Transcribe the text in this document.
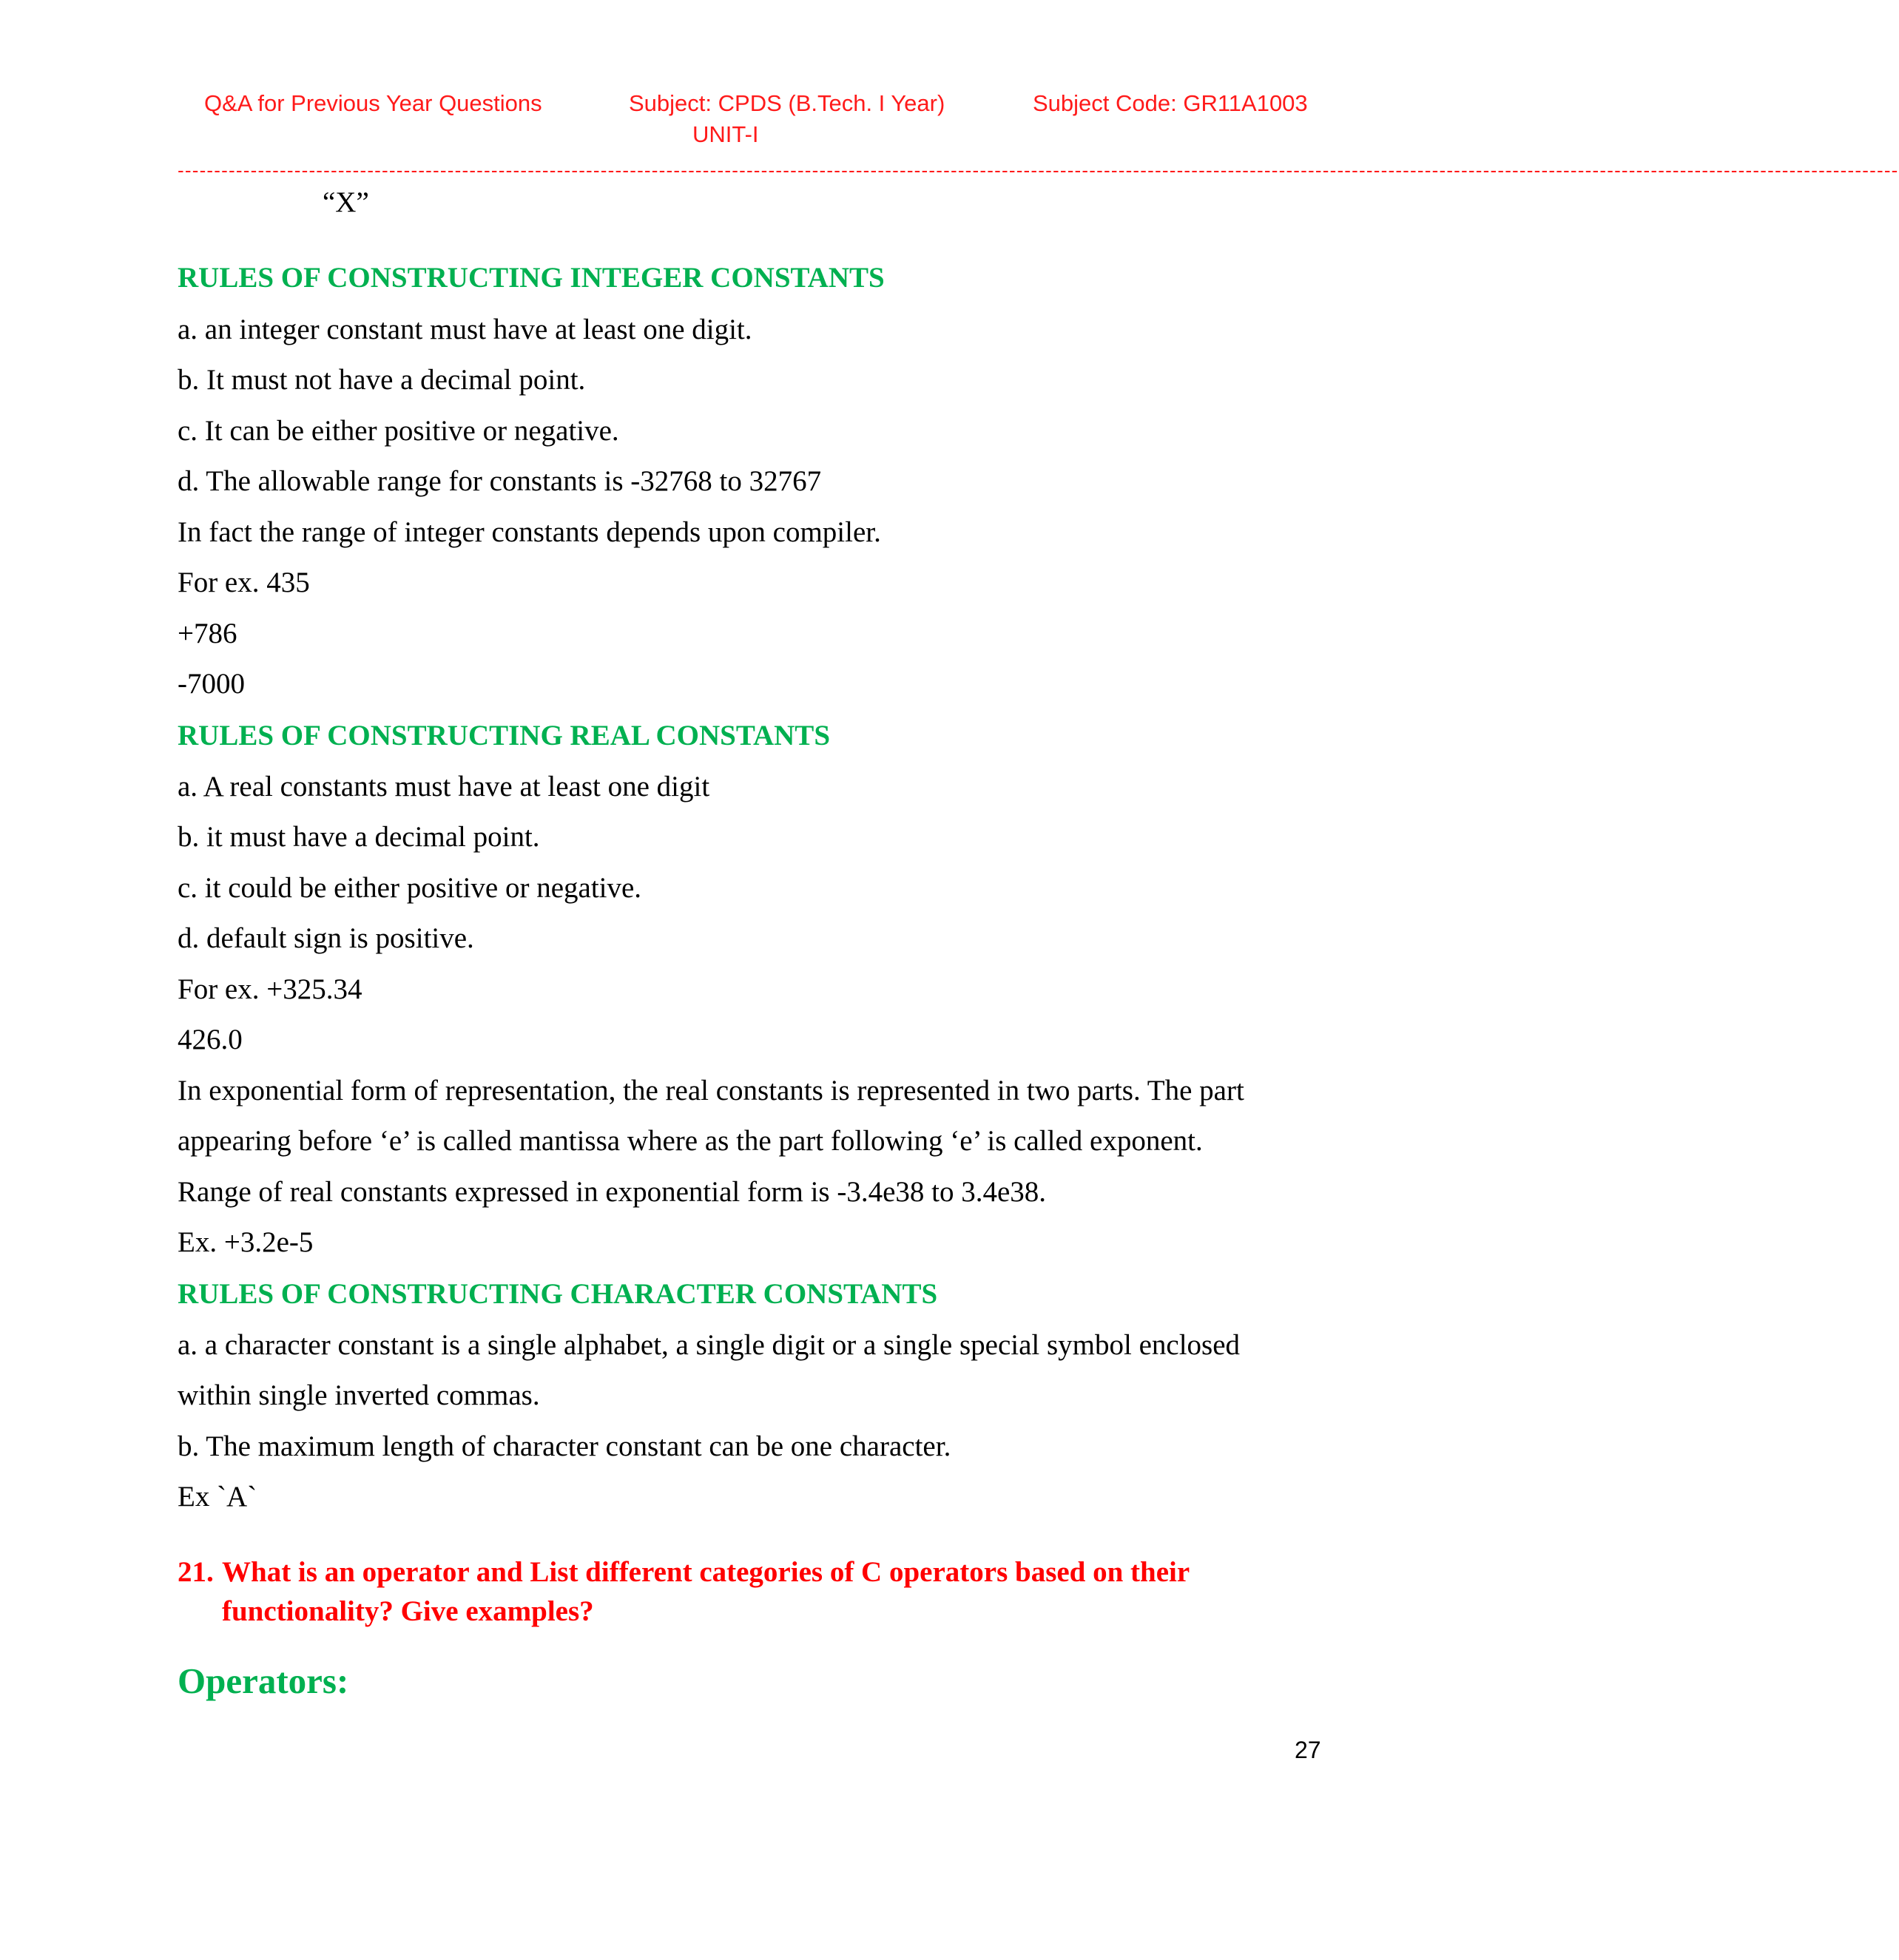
Q&A for Previous Year Questions	Subject: CPDS (B.Tech. I Year)
UNIT-I
Subject Code: GR11A1003
--------------------------------------------------------------------------------------------------------------------------------------------------------------------------------------------------------------------------------------------
“X”
RULES OF CONSTRUCTING INTEGER CONSTANTS
a. an integer constant must have at least one digit.
b. It must not have a decimal point.
c. It can be either positive or negative.
d. The allowable range for constants is -32768 to 32767
In fact the range of integer constants depends upon compiler.
For ex. 435
+786
-7000
RULES OF CONSTRUCTING REAL CONSTANTS
a. A real constants must have at least one digit
b. it must have a decimal point.
c. it could be either positive or negative.
d. default sign is positive.
For ex. +325.34
426.0
In exponential form of representation, the real constants is represented in two parts. The part
appearing before ‘e’ is called mantissa where as the part following ‘e’ is called exponent.
Range of real constants expressed in exponential form is -3.4e38 to 3.4e38.
Ex. +3.2e-5
RULES OF CONSTRUCTING CHARACTER CONSTANTS
a. a character constant is a single alphabet, a single digit or a single special symbol enclosed
within single inverted commas.
b. The maximum length of character constant can be one character.
Ex `A`
21. What is an operator and List different categories of C operators based on their
functionality? Give examples?
Operators:
27
